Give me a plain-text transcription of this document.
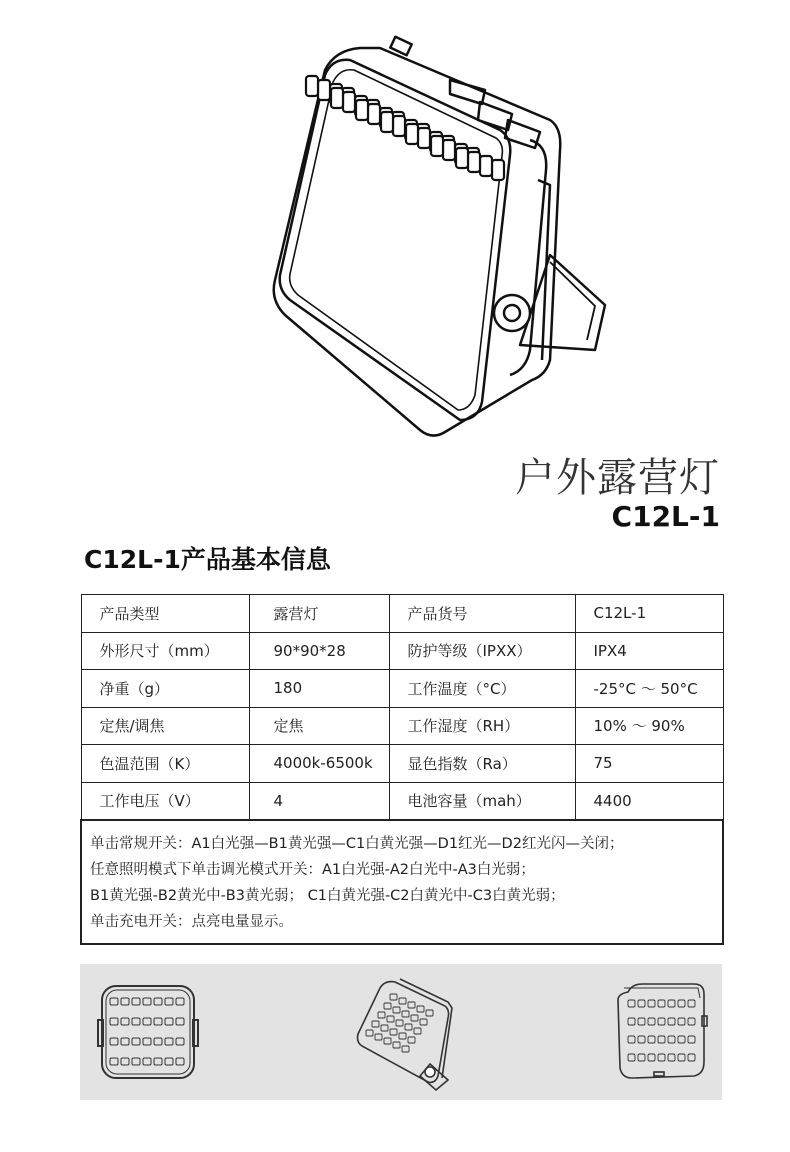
户外露营灯
C12L-1
C12L-1产品基本信息
产品类型	露营灯	产品货号	C12L-1
外形尺寸（mm）	90*90*28	防护等级（IPXX）	IPX4
净重（g）	180	工作温度（°C）	-25°C ～ 50°C
定焦/调焦	定焦	工作湿度（RH）	10% ～ 90%
色温范围（K）	4000k-6500k	显色指数（Ra）	75
工作电压（V）	4	电池容量（mah）	4400

单击常规开关：A1白光强—B1黄光强—C1白黄光强—D1红光—D2红光闪—关闭；
任意照明模式下单击调光模式开关：A1白光强-A2白光中-A3白光弱；
B1黄光强-B2黄光中-B3黄光弱； C1白黄光强-C2白黄光中-C3白黄光弱；
单击充电开关：点亮电量显示。			
